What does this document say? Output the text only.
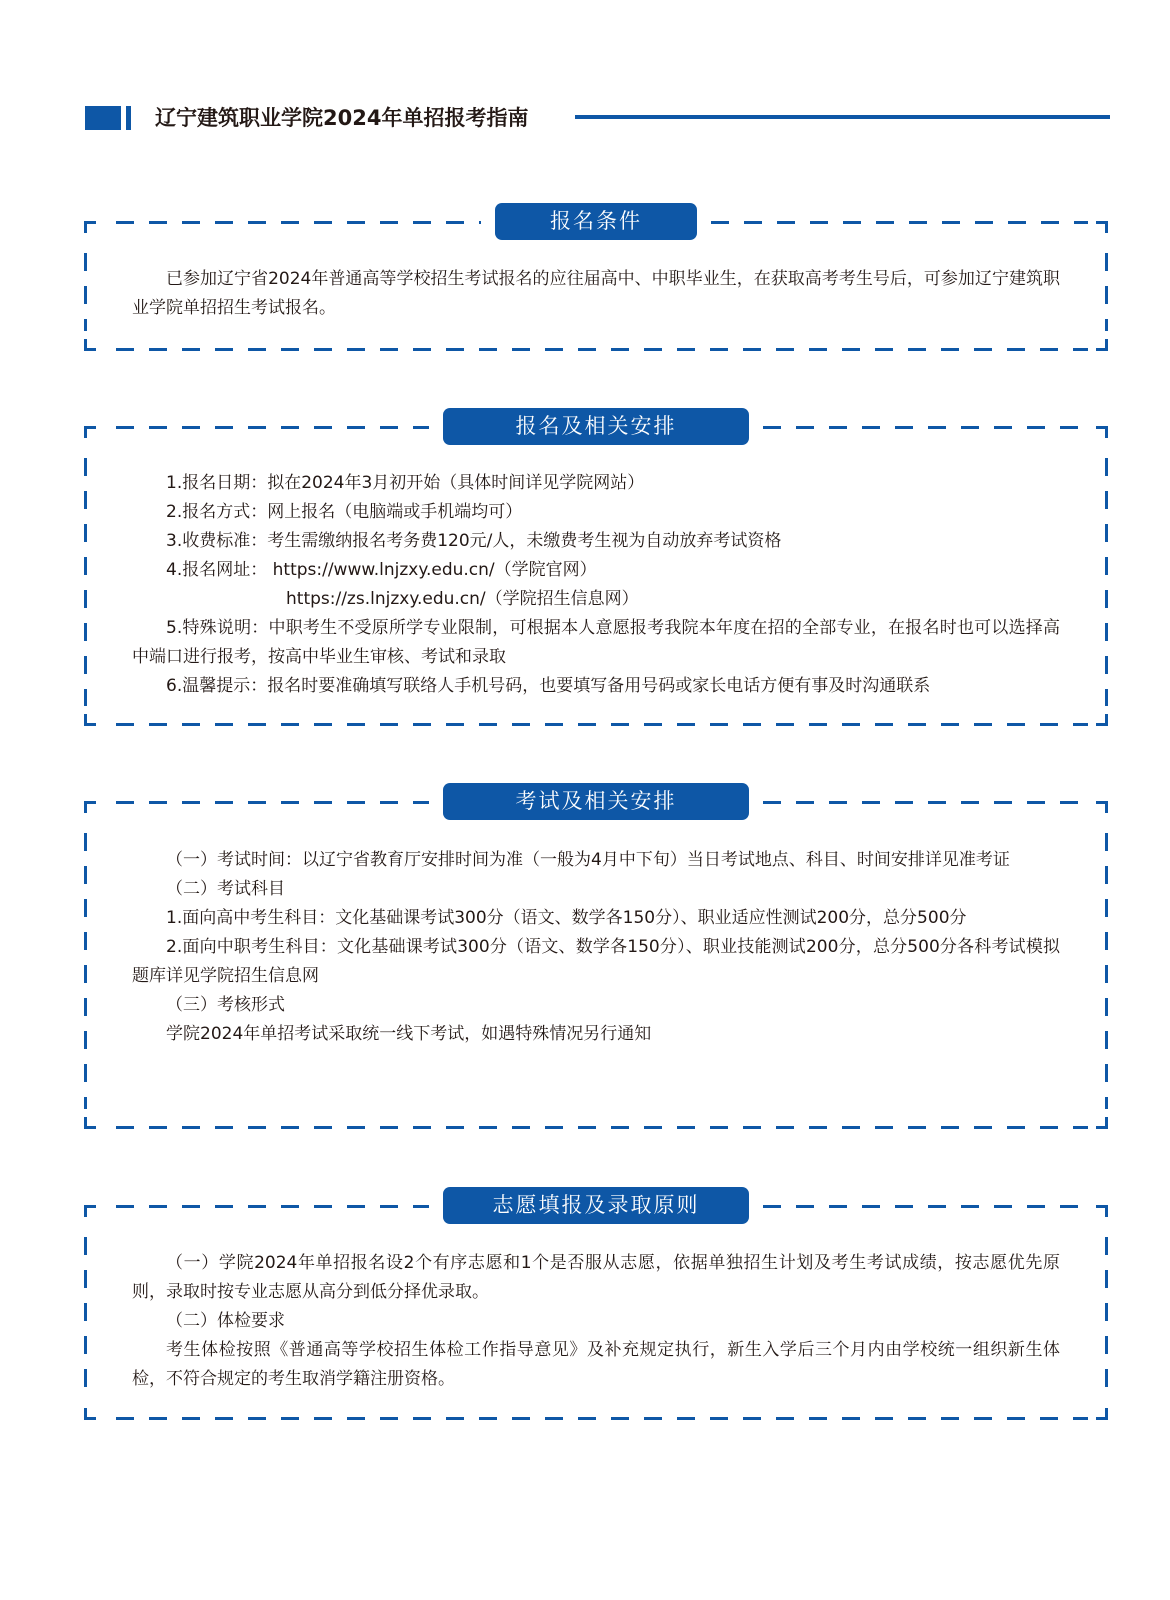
辽宁建筑职业学院2024年单招报考指南
报名条件

已参加辽宁省2024年普通高等学校招生考试报名的应往届高中、中职毕业生，在获取高考考生号后，可参加辽宁建筑职业学院单招招生考试报名。

报名及相关安排

1.报名日期：拟在2024年3月初开始（具体时间详见学院网站）

2.报名方式：网上报名（电脑端或手机端均可）

3.收费标准：考生需缴纳报名考务费120元/人，未缴费考生视为自动放弃考试资格

4.报名网址： https://www.lnjzxy.edu.cn/（学院官网）

https://zs.lnjzxy.edu.cn/（学院招生信息网）

5.特殊说明：中职考生不受原所学专业限制，可根据本人意愿报考我院本年度在招的全部专业，在报名时也可以选择高中端口进行报考，按高中毕业生审核、考试和录取

6.温馨提示：报名时要准确填写联络人手机号码，也要填写备用号码或家长电话方便有事及时沟通联系

考试及相关安排

（一）考试时间：以辽宁省教育厅安排时间为准（一般为4月中下旬）当日考试地点、科目、时间安排详见准考证

（二）考试科目

1.面向高中考生科目：文化基础课考试300分（语文、数学各150分）、职业适应性测试200分，总分500分

2.面向中职考生科目：文化基础课考试300分（语文、数学各150分）、职业技能测试200分，总分500分各科考试模拟题库详见学院招生信息网

（三）考核形式

学院2024年单招考试采取统一线下考试，如遇特殊情况另行通知

志愿填报及录取原则

（一）学院2024年单招报名设2个有序志愿和1个是否服从志愿，依据单独招生计划及考生考试成绩，按志愿优先原则，录取时按专业志愿从高分到低分择优录取。

（二）体检要求

考生体检按照《普通高等学校招生体检工作指导意见》及补充规定执行，新生入学后三个月内由学校统一组织新生体检，不符合规定的考生取消学籍注册资格。
